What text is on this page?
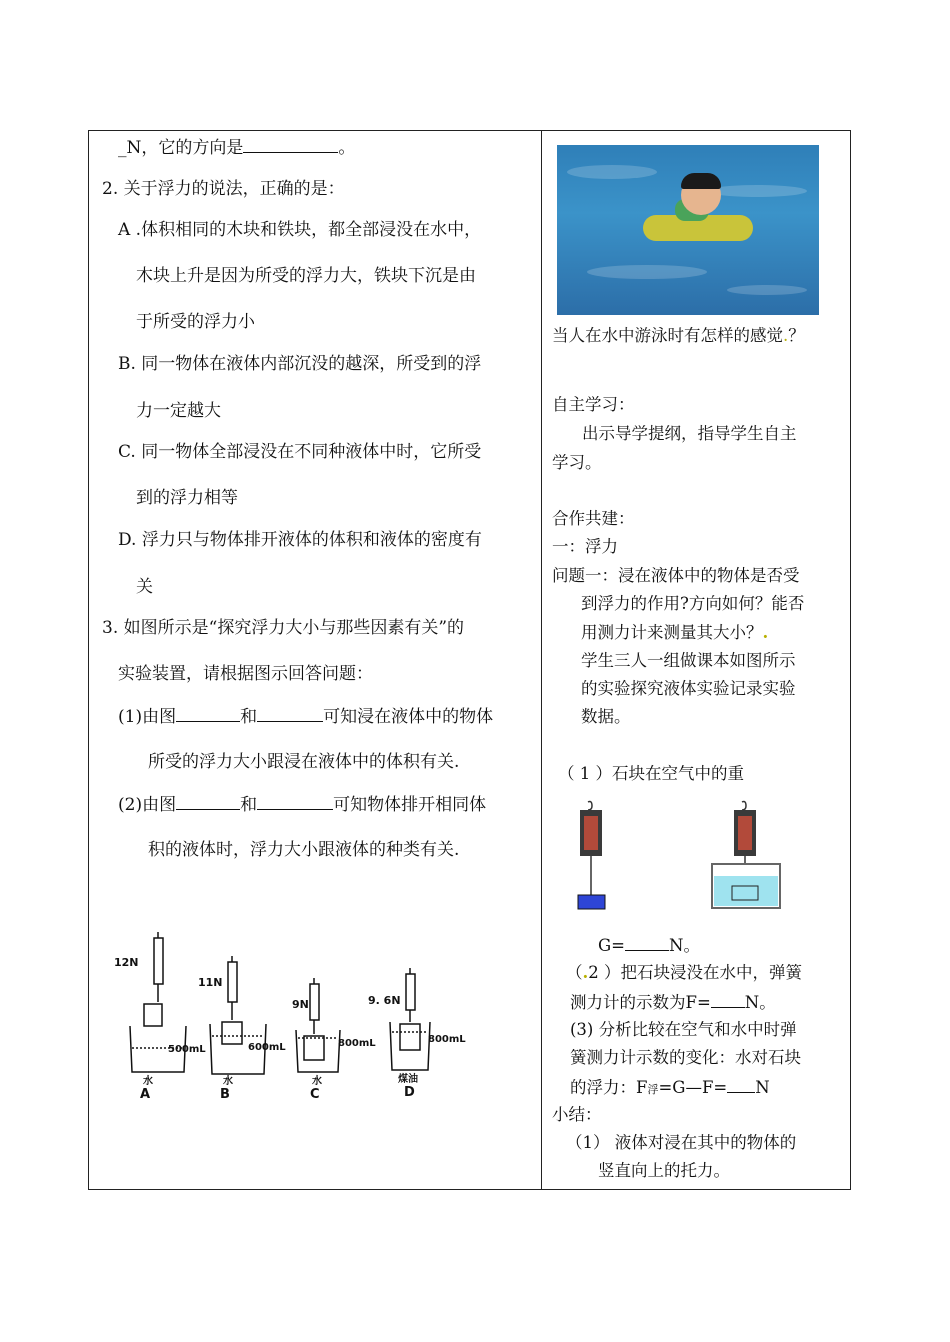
_N，它的方向是	。
2. 关于浮力的说法，正确的是：
A .体积相同的木块和铁块，都全部浸没在水中，
木块上升是因为所受的浮力大，铁块下沉是由
于所受的浮力小
B. 同一物体在液体内部沉没的越深，所受到的浮
力一定越大
C. 同一物体全部浸没在不同种液体中时，它所受
到的浮力相等
D. 浮力只与物体排开液体的体积和液体的密度有
关
3. 如图所示是“探究浮力大小与那些因素有关”的
实验装置，请根据图示回答问题：
(1)由图	和	可知浸在液体中的物体
所受的浮力大小跟浸在液体中的体积有关.
(2)由图	和	可知物体排开相同体
积的液体时，浮力大小跟液体的种类有关.
12N
11N
9N	9. 6N
500mL	600mL	800mL	800mL
水	水	水	煤油
A	B	C	D
当人在水中游泳时有怎样的感觉.？
自主学习：
出示导学提纲，指导学生自主
学习。
合作共建：
一：浮力
问题一：浸在液体中的物体是否受
到浮力的作用?方向如何？能否
用测力计来测量其大小？.
学生三人一组做课本如图所示
的实验探究液体实验记录实验
数据。
（ 1 ）石块在空气中的重
G=	N。
（.2 ）把石块浸没在水中，弹簧
测力计的示数为F= N。
(3) 分析比较在空气和水中时弹
簧测力计示数的变化：水对石块
的浮力：F浮=G—F= N
小结：
（1） 液体对浸在其中的物体的
竖直向上的托力。
